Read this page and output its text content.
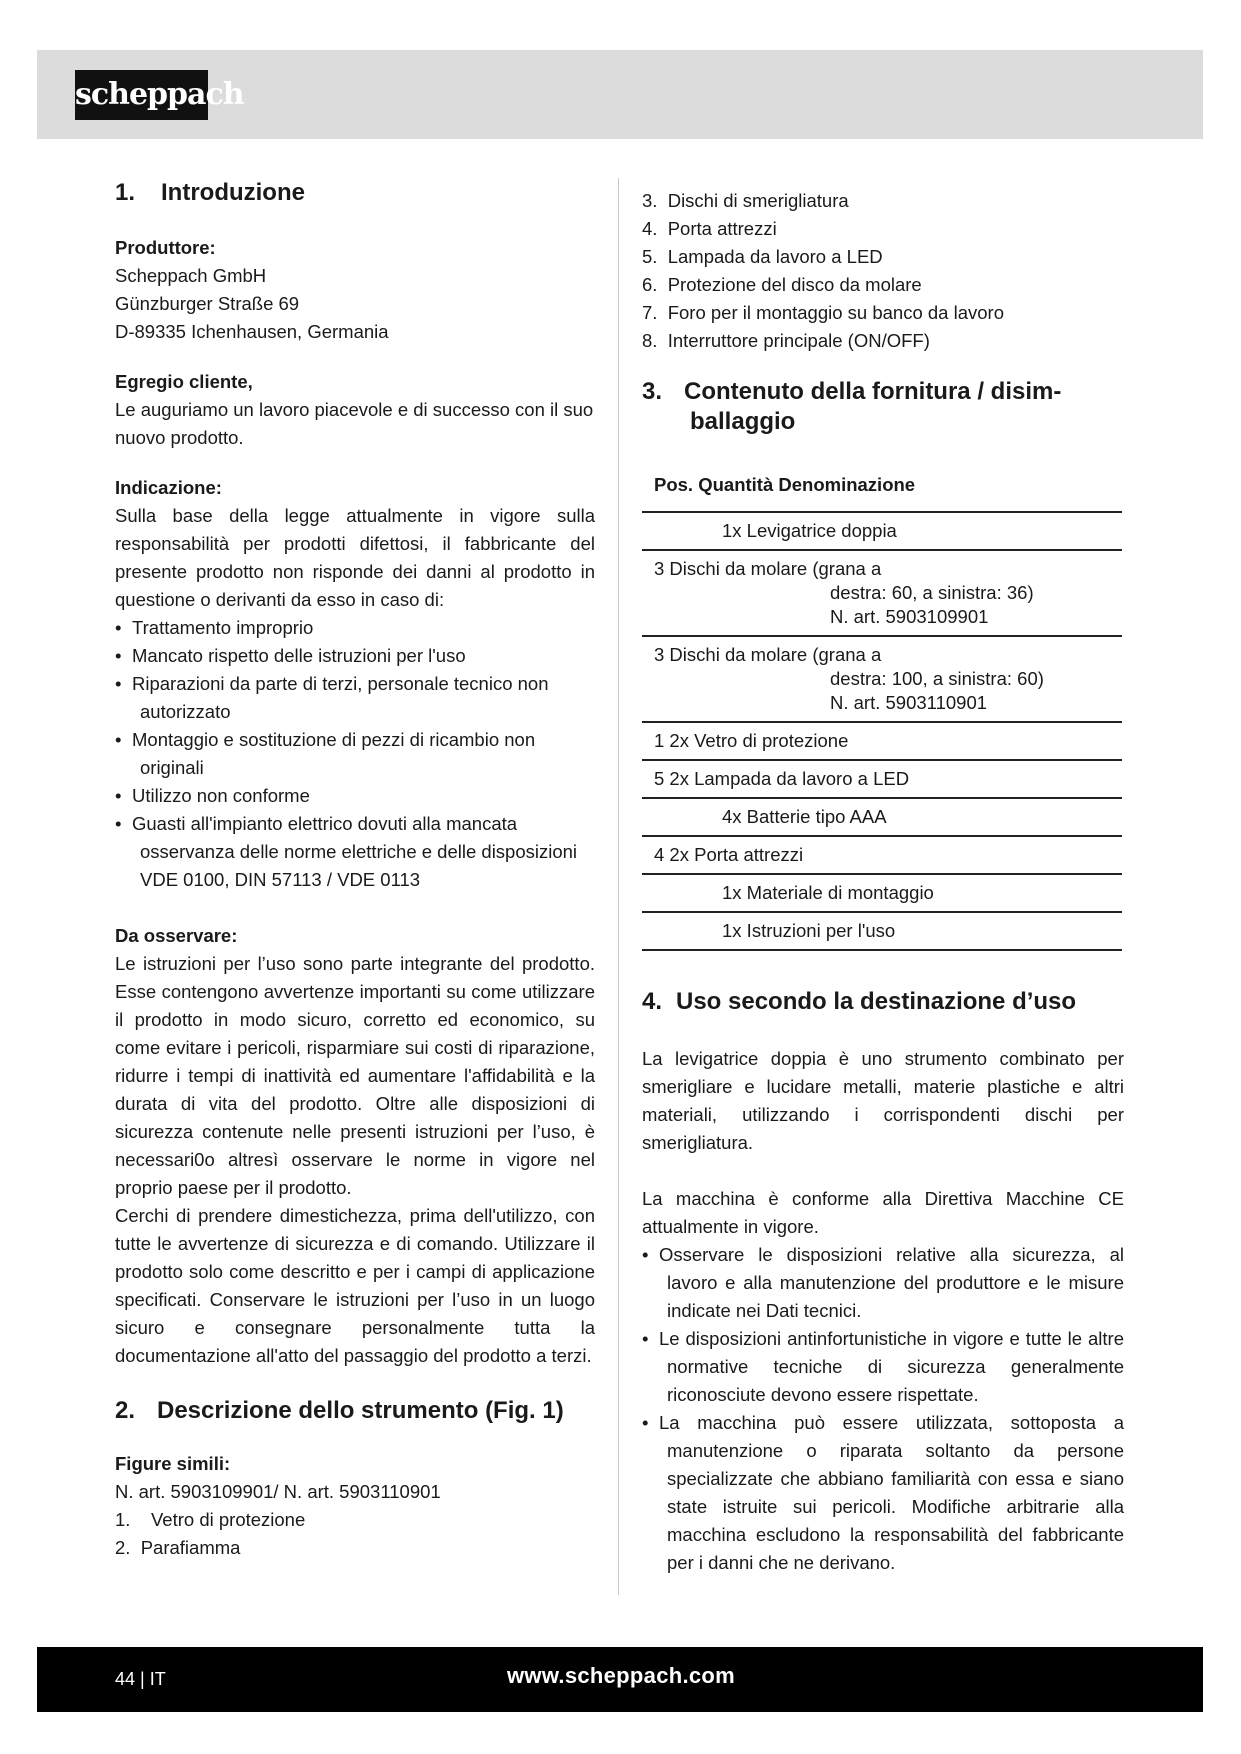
scheppach
1. Introduzione

Produttore:

Scheppach GmbH

Günzburger Straße 69

D-89335 Ichenhausen, Germania

Egregio cliente,

Le auguriamo un lavoro piacevole e di successo con il suo nuovo prodotto.

Indicazione:

Sulla base della legge attualmente in vigore sulla responsabilità per prodotti difettosi, il fabbricante del presente prodotto non risponde dei danni al prodotto in questione o derivanti da esso in caso di:

• Trattamento improprio
• Mancato rispetto delle istruzioni per l'uso
• Riparazioni da parte di terzi, personale tecnico non autorizzato
• Montaggio e sostituzione di pezzi di ricambio non originali
• Utilizzo non conforme
• Guasti all'impianto elettrico dovuti alla mancata osservanza delle norme elettriche e delle disposizioni VDE 0100, DIN 57113 / VDE 0113

Da osservare:

Le istruzioni per l’uso sono parte integrante del prodotto. Esse contengono avvertenze importanti su come utilizzare il prodotto in modo sicuro, corretto ed economico, su come evitare i pericoli, risparmiare sui costi di riparazione, ridurre i tempi di inattività ed aumentare l'affidabilità e la durata di vita del prodotto. Oltre alle disposizioni di sicurezza contenute nelle presenti istruzioni per l’uso, è necessari0o altresì osservare le norme in vigore nel proprio paese per il prodotto.

Cerchi di prendere dimestichezza, prima dell'utilizzo, con tutte le avvertenze di sicurezza e di comando. Utilizzare il prodotto solo come descritto e per i campi di applicazione specificati. Conservare le istruzioni per l’uso in un luogo sicuro e consegnare personalmente tutta la documentazione all'atto del passaggio del prodotto a terzi.

2. Descrizione dello strumento (Fig. 1)

Figure simili:

N. art. 5903109901/ N. art. 5903110901

1.    Vetro di protezione
2.  Parafiamma
3.  Dischi di smerigliatura
4.  Porta attrezzi
5.  Lampada da lavoro a LED
6.  Protezione del disco da molare
7.  Foro per il montaggio su banco da lavoro
8.  Interruttore principale (ON/OFF)
3. Contenuto della fornitura / disim-
ballaggio
Pos. Quantità Denominazione
1x Levigatrice doppia
3 Dischi da molare (grana a
destra: 60, a sinistra: 36)
N. art. 5903109901
3 Dischi da molare (grana a
destra: 100, a sinistra: 60)
N. art. 5903110901
1 2x Vetro di protezione
5 2x Lampada da lavoro a LED
4x Batterie tipo AAA
4 2x Porta attrezzi
1x Materiale di montaggio
1x Istruzioni per l'uso
4. Uso secondo la destinazione d’uso

La levigatrice doppia è uno strumento combinato per smerigliare e lucidare metalli, materie plastiche e altri materiali, utilizzando i corrispondenti dischi per smerigliatura.

La macchina è conforme alla Direttiva Macchine CE attualmente in vigore.

• Osservare le disposizioni relative alla sicurezza, al lavoro e alla manutenzione del produttore e le misure indicate nei Dati tecnici.
• Le disposizioni antinfortunistiche in vigore e tutte le altre normative tecniche di sicurezza generalmente riconosciute devono essere rispettate.
• La macchina può essere utilizzata, sottoposta a manutenzione o riparata soltanto da persone specializzate che abbiano familiarità con essa e siano state istruite sui pericoli. Modifiche arbitrarie alla macchina escludono la responsabilità del fabbricante per i danni che ne derivano.
44 | IT	www.scheppach.com
